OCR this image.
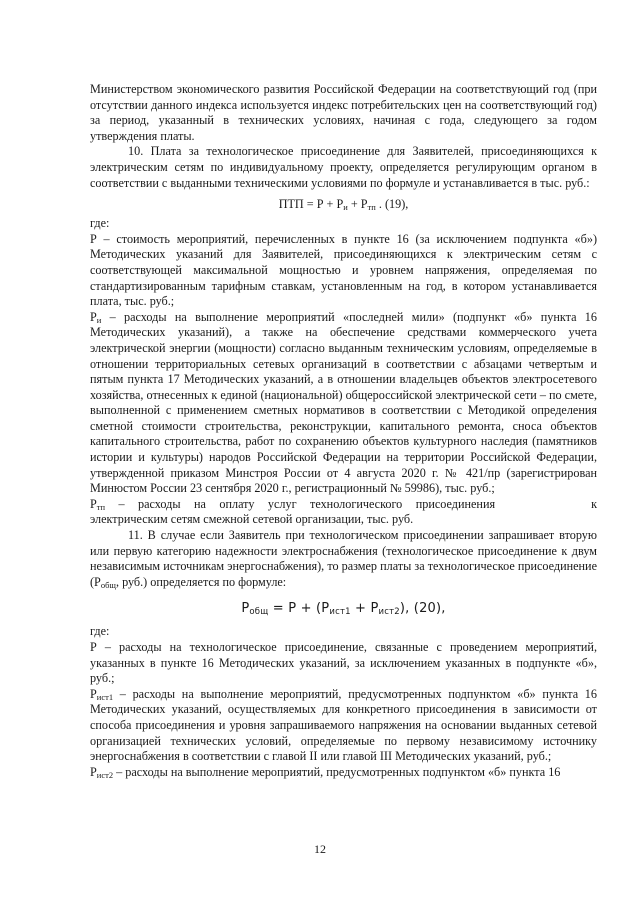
Министерством экономического развития Российской Федерации на соответствующий год (при отсутствии данного индекса используется индекс потребительских цен на соответствующий год) за период, указанный в технических условиях, начиная с года, следующего за годом утверждения платы.

10. Плата за технологическое присоединение для Заявителей, присоединяющихся к электрическим сетям по индивидуальному проекту, определяется регулирующим органом в соответствии с выданными техническими условиями по формуле и устанавливается в тыс. руб.:

ПТП = $Р + Р_и + Р_{тп}$ . (19),

где:

Р – стоимость мероприятий, перечисленных в пункте 16 (за исключением подпункта «б») Методических указаний для Заявителей, присоединяющихся к электрическим сетям с соответствующей максимальной мощностью и уровнем напряжения, определяемая по стандартизированным тарифным ставкам, установленным на год, в котором устанавливается плата, тыс. руб.;

$Р_и$ – расходы на выполнение мероприятий «последней мили» (подпункт «б» пункта 16 Методических указаний), а также на обеспечение средствами коммерческого учета электрической энергии (мощности) согласно выданным техническим условиям, определяемые в отношении территориальных сетевых организаций в соответствии с абзацами четвертым и пятым пункта 17 Методических указаний, а в отношении владельцев объектов электросетевого хозяйства, отнесенных к единой (национальной) общероссийской электрической сети – по смете, выполненной с применением сметных нормативов в соответствии с Методикой определения сметной стоимости строительства, реконструкции, капитального ремонта, сноса объектов капитального строительства, работ по сохранению объектов культурного наследия (памятников истории и культуры) народов Российской Федерации на территории Российской Федерации, утвержденной приказом Минстроя России от 4 августа 2020 г. № 421/пр (зарегистрирован Минюстом России 23 сентября 2020 г., регистрационный № 59986), тыс. руб.;

$Р_{тп}$ – расходы на оплату услуг технологического присоединения	к электрическим сетям смежной сетевой организации, тыс. руб.

11. В случае если Заявитель при технологическом присоединении запрашивает вторую или первую категорию надежности электроснабжения (технологическое присоединение к двум независимым источникам энергоснабжения), то размер платы за технологическое присоединение ($Р_{общ}$, руб.) определяется по формуле:

$Р_{общ} = Р + (Р_{ист1} + Р_{ист2})$, (20),

где:

Р – расходы на технологическое присоединение, связанные с проведением мероприятий, указанных в пункте 16 Методических указаний, за исключением указанных в подпункте «б», руб.;

$Р_{ист1}$ – расходы на выполнение мероприятий, предусмотренных подпунктом «б» пункта 16 Методических указаний, осуществляемых для конкретного присоединения в зависимости от способа присоединения и уровня запрашиваемого напряжения на основании выданных сетевой организацией технических условий, определяемые по первому независимому источнику энергоснабжения в соответствии с главой II или главой III Методических указаний, руб.;

$Р_{ист2}$ – расходы на выполнение мероприятий, предусмотренных подпунктом «б» пункта 16

12
